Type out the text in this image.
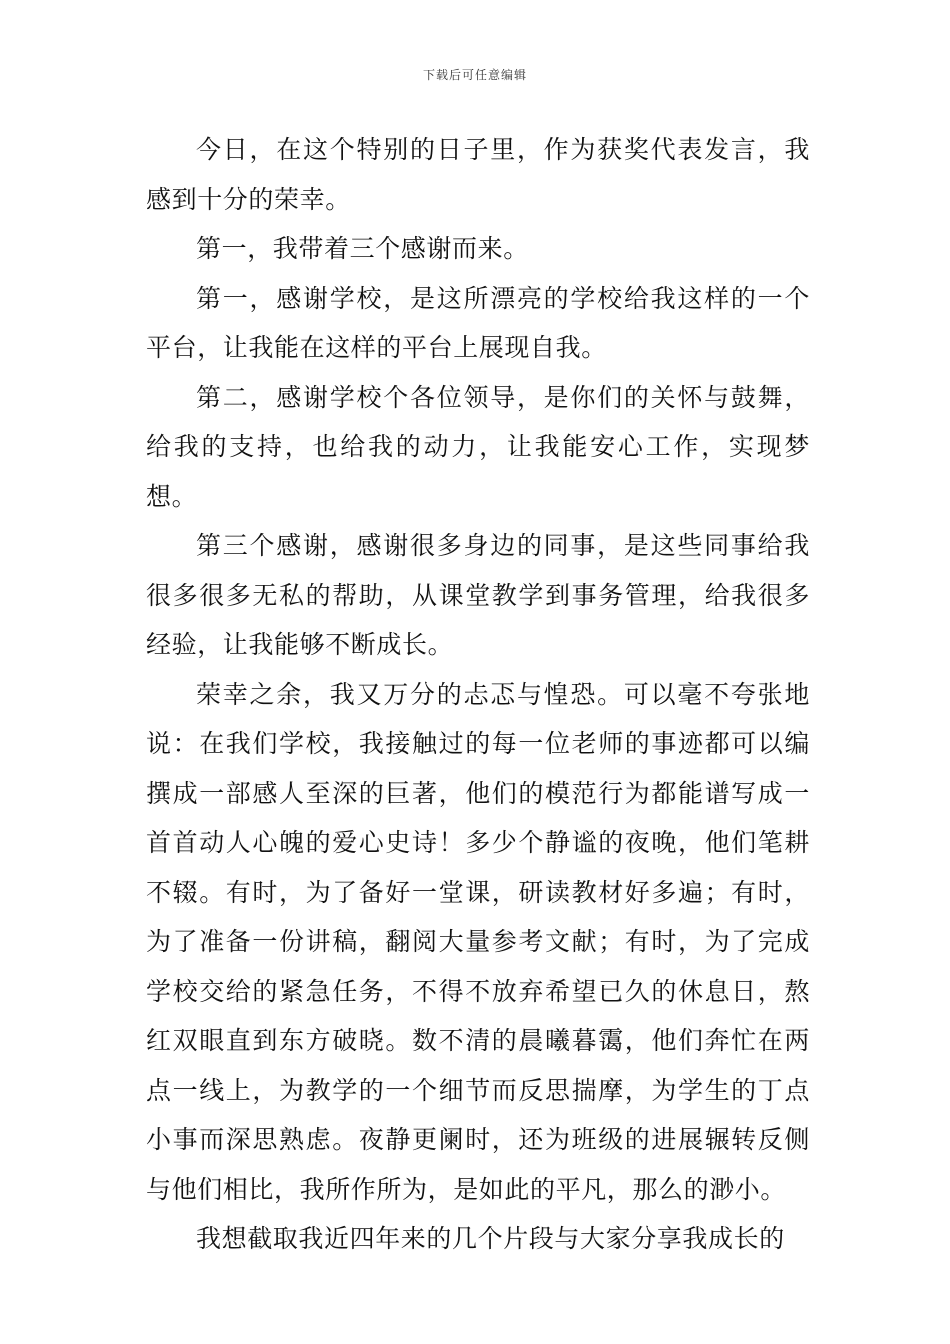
下载后可任意编辑

今日，在这个特别的日子里，作为获奖代表发言，我感到十分的荣幸。

第一，我带着三个感谢而来。

第一，感谢学校，是这所漂亮的学校给我这样的一个平台，让我能在这样的平台上展现自我。

第二，感谢学校个各位领导，是你们的关怀与鼓舞，给我的支持，也给我的动力，让我能安心工作，实现梦想。

第三个感谢，感谢很多身边的同事，是这些同事给我很多很多无私的帮助，从课堂教学到事务管理，给我很多经验，让我能够不断成长。

荣幸之余，我又万分的忐忑与惶恐。可以毫不夸张地说：在我们学校，我接触过的每一位老师的事迹都可以编撰成一部感人至深的巨著，他们的模范行为都能谱写成一首首动人心魄的爱心史诗！多少个静谧的夜晚，他们笔耕不辍。有时，为了备好一堂课，研读教材好多遍；有时，为了准备一份讲稿，翻阅大量参考文献；有时，为了完成学校交给的紧急任务，不得不放弃希望已久的休息日，熬红双眼直到东方破晓。数不清的晨曦暮霭，他们奔忙在两点一线上，为教学的一个细节而反思揣摩，为学生的丁点小事而深思熟虑。夜静更阑时，还为班级的进展辗转反侧与他们相比，我所作所为，是如此的平凡，那么的渺小。

我想截取我近四年来的几个片段与大家分享我成长的
